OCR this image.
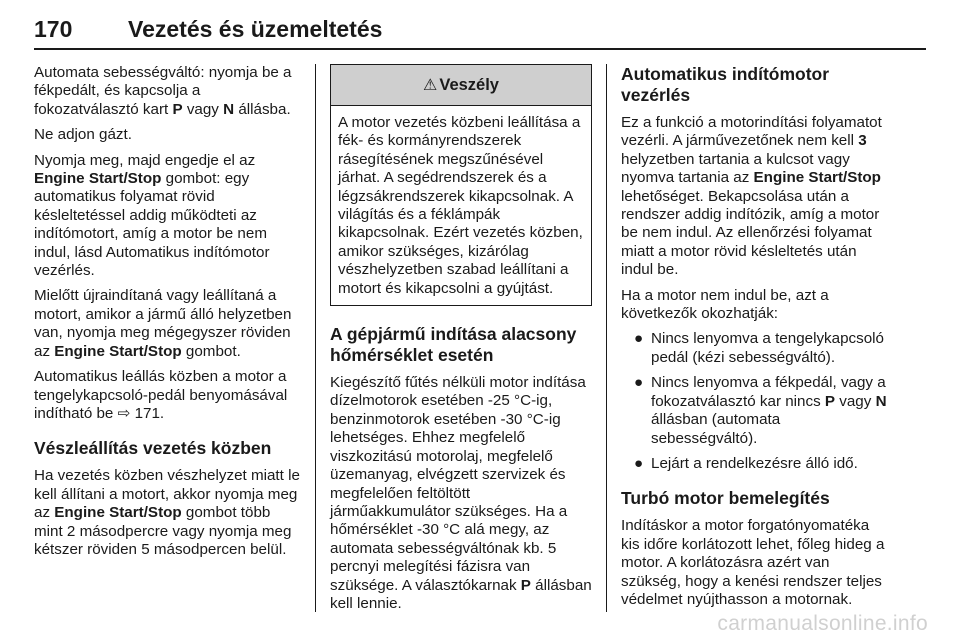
170 Vezetés és üzemeltetés

Automata sebességváltó: nyomja be a fékpedált, és kapcsolja a fokozatválasztó kart P vagy N állásba.

Ne adjon gázt.

Nyomja meg, majd engedje el az Engine Start/Stop gombot: egy automatikus folyamat rövid késleltetéssel addig működteti az indítómotort, amíg a motor be nem indul, lásd Automatikus indítómotor vezérlés.

Mielőtt újraindítaná vagy leállítaná a motort, amikor a jármű álló helyzetben van, nyomja meg mégegyszer röviden az Engine Start/Stop gombot.

Automatikus leállás közben a motor a tengelykapcsoló-pedál benyomásával indítható be ⇨ 171.

Vészleállítás vezetés közben

Ha vezetés közben vészhelyzet miatt le kell állítani a motort, akkor nyomja meg az Engine Start/Stop gombot több mint 2 másodpercre vagy nyomja meg kétszer röviden 5 másodpercen belül.

⚠ Veszély
A motor vezetés közbeni leállítása a fék- és kormányrendszerek rásegítésének megszűnésével járhat. A segédrendszerek és a légzsákrendszerek kikapcsolnak. A világítás és a féklámpák kikapcsolnak. Ezért vezetés közben, amikor szükséges, kizárólag vészhelyzetben szabad leállítani a motort és kikapcsolni a gyújtást.
A gépjármű indítása alacsony hőmérséklet esetén

Kiegészítő fűtés nélküli motor indítása dízelmotorok esetében -25 °C-ig, benzinmotorok esetében -30 °C-ig lehetséges. Ehhez megfelelő viszkozitású motorolaj, megfelelő üzemanyag, elvégzett szervizek és megfelelően feltöltött járműakkumulátor szükséges. Ha a hőmérséklet -30 °C alá megy, az automata sebességváltónak kb. 5 percnyi melegítési fázisra van szüksége. A választókarnak P állásban kell lennie.

Automatikus indítómotor vezérlés

Ez a funkció a motorindítási folyamatot vezérli. A járművezetőnek nem kell 3 helyzetben tartania a kulcsot vagy nyomva tartania az Engine Start/Stop lehetőséget. Bekapcsolása után a rendszer addig indítózik, amíg a motor be nem indul. Az ellenőrzési folyamat miatt a motor rövid késleltetés után indul be.

Ha a motor nem indul be, azt a következők okozhatják:

● Nincs lenyomva a tengelykapcsoló pedál (kézi sebességváltó).
● Nincs lenyomva a fékpedál, vagy a fokozatválasztó kar nincs P vagy N állásban (automata sebességváltó).
● Lejárt a rendelkezésre álló idő.
Turbó motor bemelegítés

Indításkor a motor forgatónyomatéka kis időre korlátozott lehet, főleg hideg a motor. A korlátozásra azért van szükség, hogy a kenési rendszer teljes védelmet nyújthasson a motornak.

carmanualsonline.info
